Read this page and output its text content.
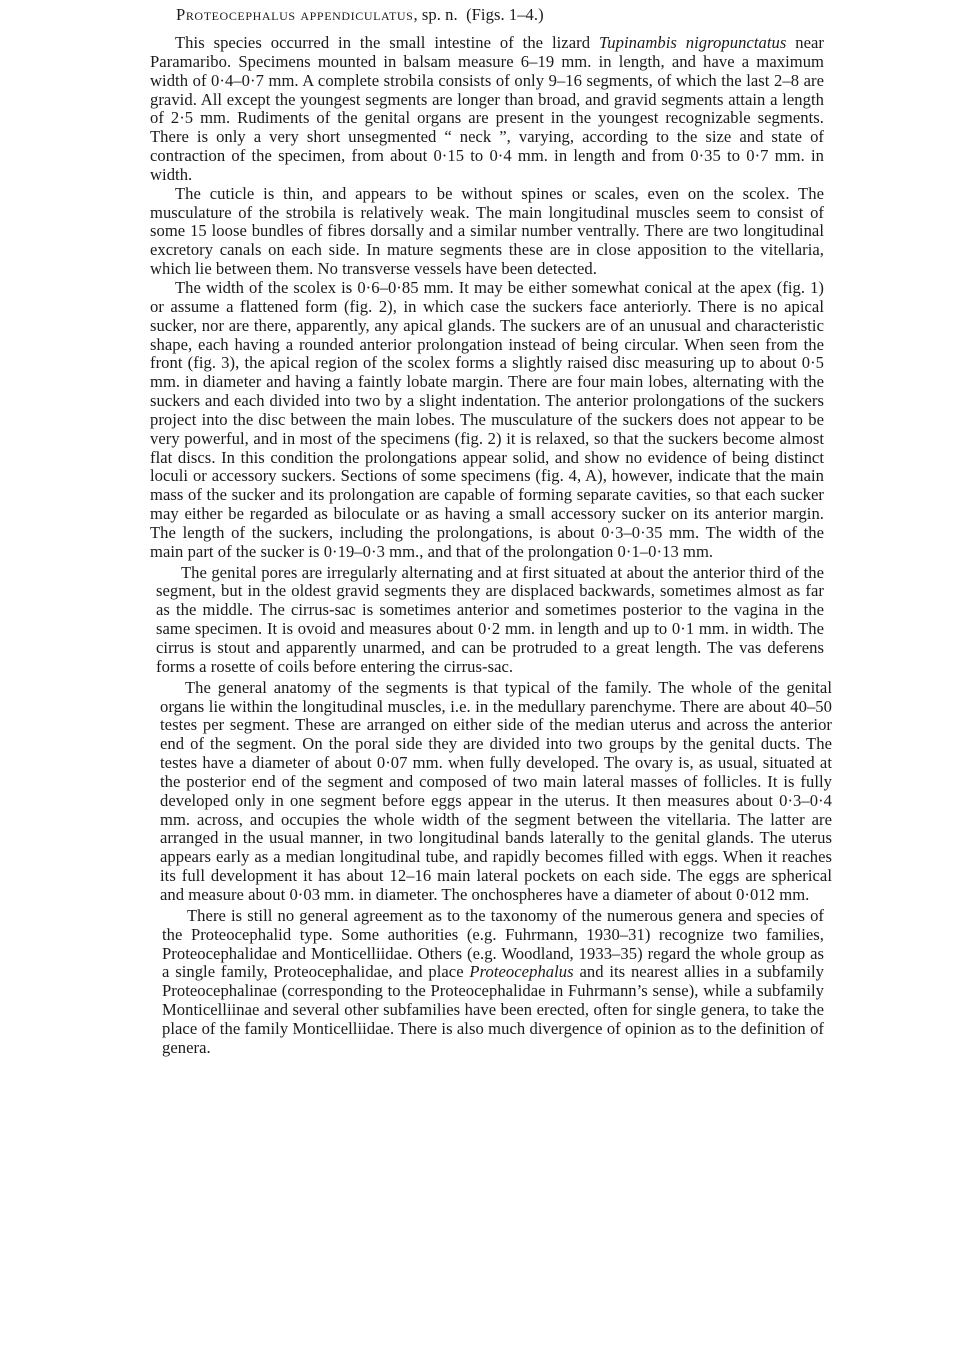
Proteocephalus appendiculatus, sp. n. (Figs. 1–4.)

This species occurred in the small intestine of the lizard Tupinambis nigropunctatus near Paramaribo. Specimens mounted in balsam measure 6–19 mm. in length, and have a maximum width of 0·4–0·7 mm. A complete strobila consists of only 9–16 segments, of which the last 2–8 are gravid. All except the youngest segments are longer than broad, and gravid segments attain a length of 2·5 mm. Rudiments of the genital organs are present in the youngest recognizable segments. There is only a very short unsegmented “ neck ”, varying, according to the size and state of contraction of the specimen, from about 0·15 to 0·4 mm. in length and from 0·35 to 0·7 mm. in width.

The cuticle is thin, and appears to be without spines or scales, even on the scolex. The musculature of the strobila is relatively weak. The main longitudinal muscles seem to consist of some 15 loose bundles of fibres dorsally and a similar number ventrally. There are two longitudinal excretory canals on each side. In mature segments these are in close apposition to the vitellaria, which lie between them. No transverse vessels have been detected.

The width of the scolex is 0·6–0·85 mm. It may be either somewhat conical at the apex (fig. 1) or assume a flattened form (fig. 2), in which case the suckers face anteriorly. There is no apical sucker, nor are there, apparently, any apical glands. The suckers are of an unusual and characteristic shape, each having a rounded anterior prolongation instead of being circular. When seen from the front (fig. 3), the apical region of the scolex forms a slightly raised disc measuring up to about 0·5 mm. in diameter and having a faintly lobate margin. There are four main lobes, alternating with the suckers and each divided into two by a slight indentation. The anterior prolongations of the suckers project into the disc between the main lobes. The musculature of the suckers does not appear to be very powerful, and in most of the specimens (fig. 2) it is relaxed, so that the suckers become almost flat discs. In this condition the prolongations appear solid, and show no evidence of being distinct loculi or accessory suckers. Sections of some specimens (fig. 4, A), however, indicate that the main mass of the sucker and its prolongation are capable of forming separate cavities, so that each sucker may either be regarded as biloculate or as having a small accessory sucker on its anterior margin. The length of the suckers, including the prolongations, is about 0·3–0·35 mm. The width of the main part of the sucker is 0·19–0·3 mm., and that of the prolongation 0·1–0·13 mm.

The genital pores are irregularly alternating and at first situated at about the anterior third of the segment, but in the oldest gravid segments they are displaced backwards, sometimes almost as far as the middle. The cirrus-sac is sometimes anterior and sometimes posterior to the vagina in the same specimen. It is ovoid and measures about 0·2 mm. in length and up to 0·1 mm. in width. The cirrus is stout and apparently unarmed, and can be protruded to a great length. The vas deferens forms a rosette of coils before entering the cirrus-sac.

The general anatomy of the segments is that typical of the family. The whole of the genital organs lie within the longitudinal muscles, i.e. in the medullary parenchyme. There are about 40–50 testes per segment. These are arranged on either side of the median uterus and across the anterior end of the segment. On the poral side they are divided into two groups by the genital ducts. The testes have a diameter of about 0·07 mm. when fully developed. The ovary is, as usual, situated at the posterior end of the segment and composed of two main lateral masses of follicles. It is fully developed only in one segment before eggs appear in the uterus. It then measures about 0·3–0·4 mm. across, and occupies the whole width of the segment between the vitellaria. The latter are arranged in the usual manner, in two longitudinal bands laterally to the genital glands. The uterus appears early as a median longitudinal tube, and rapidly becomes filled with eggs. When it reaches its full development it has about 12–16 main lateral pockets on each side. The eggs are spherical and measure about 0·03 mm. in diameter. The onchospheres have a diameter of about 0·012 mm.

There is still no general agreement as to the taxonomy of the numerous genera and species of the Proteocephalid type. Some authorities (e.g. Fuhrmann, 1930–31) recognize two families, Proteocephalidae and Monticelliidae. Others (e.g. Woodland, 1933–35) regard the whole group as a single family, Proteocephalidae, and place Proteocephalus and its nearest allies in a subfamily Proteocephalinae (corresponding to the Proteocephalidae in Fuhrmann’s sense), while a subfamily Monticelliinae and several other subfamilies have been erected, often for single genera, to take the place of the family Monticelliidae. There is also much divergence of opinion as to the definition of genera.
